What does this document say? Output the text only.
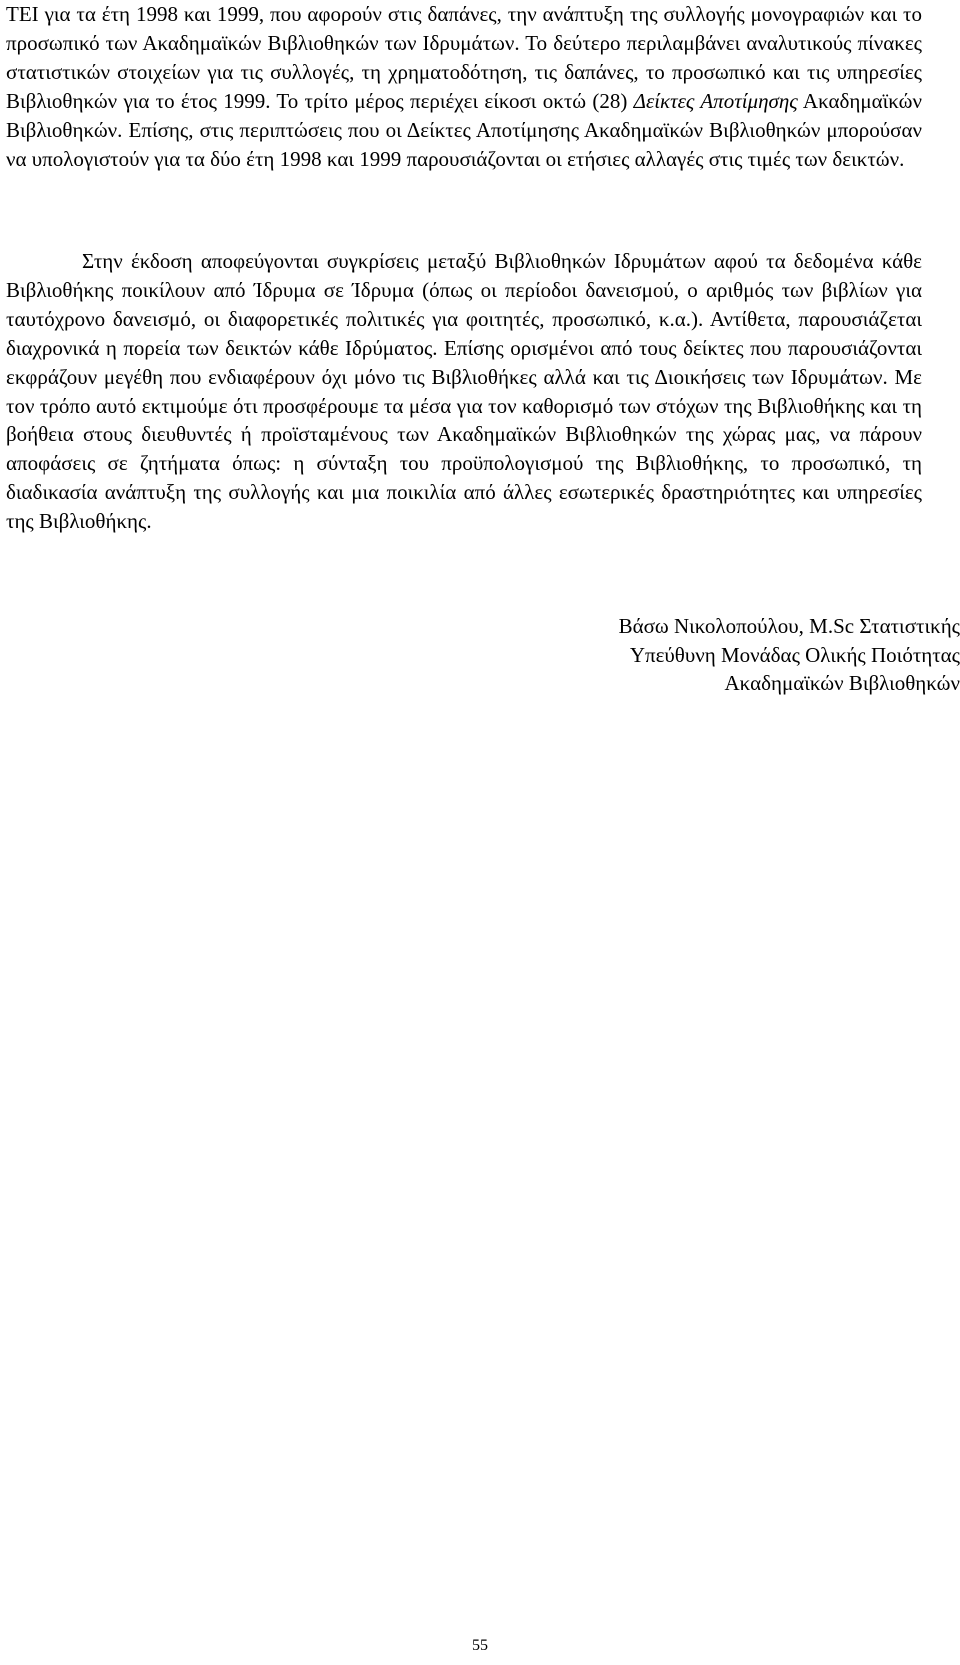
ΤΕΙ για τα έτη 1998 και 1999, που αφορούν στις δαπάνες, την ανάπτυξη της συλλογής μονογραφιών και το προσωπικό των Ακαδημαϊκών Βιβλιοθηκών των Ιδρυμάτων. Το δεύτερο περιλαμβάνει αναλυτικούς πίνακες στατιστικών στοιχείων για τις συλλογές, τη χρηματοδότηση, τις δαπάνες, το προσωπικό και τις υπηρεσίες Βιβλιοθηκών για το έτος 1999. Το τρίτο μέρος περιέχει είκοσι οκτώ (28) Δείκτες Αποτίμησης Ακαδημαϊκών Βιβλιοθηκών. Επίσης, στις περιπτώσεις που οι Δείκτες Αποτίμησης Ακαδημαϊκών Βιβλιοθηκών μπορούσαν να υπολογιστούν για τα δύο έτη 1998 και 1999 παρουσιάζονται οι ετήσιες αλλαγές στις τιμές των δεικτών.

Στην έκδοση αποφεύγονται συγκρίσεις μεταξύ Βιβλιοθηκών Ιδρυμάτων αφού τα δεδομένα κάθε Βιβλιοθήκης ποικίλουν από Ίδρυμα σε Ίδρυμα (όπως οι περίοδοι δανεισμού, ο αριθμός των βιβλίων για ταυτόχρονο δανεισμό, οι διαφορετικές πολιτικές για φοιτητές, προσωπικό, κ.α.). Αντίθετα, παρουσιάζεται διαχρονικά η πορεία των δεικτών κάθε Ιδρύματος. Επίσης ορισμένοι από τους δείκτες που παρουσιάζονται εκφράζουν μεγέθη που ενδιαφέρουν όχι μόνο τις Βιβλιοθήκες αλλά και τις Διοικήσεις των Ιδρυμάτων. Με τον τρόπο αυτό εκτιμούμε ότι προσφέρουμε τα μέσα για τον καθορισμό των στόχων της Βιβλιοθήκης και τη βοήθεια στους διευθυντές ή προϊσταμένους των Ακαδημαϊκών Βιβλιοθηκών της χώρας μας, να πάρουν αποφάσεις σε ζητήματα όπως: η σύνταξη του προϋπολογισμού της Βιβλιοθήκης, το προσωπικό, τη διαδικασία ανάπτυξη της συλλογής και μια ποικιλία από άλλες εσωτερικές δραστηριότητες και υπηρεσίες της Βιβλιοθήκης.

Βάσω Νικολοπούλου, M.Sc Στατιστικής
Υπεύθυνη Μονάδας Ολικής Ποιότητας
Ακαδημαϊκών Βιβλιοθηκών
55
